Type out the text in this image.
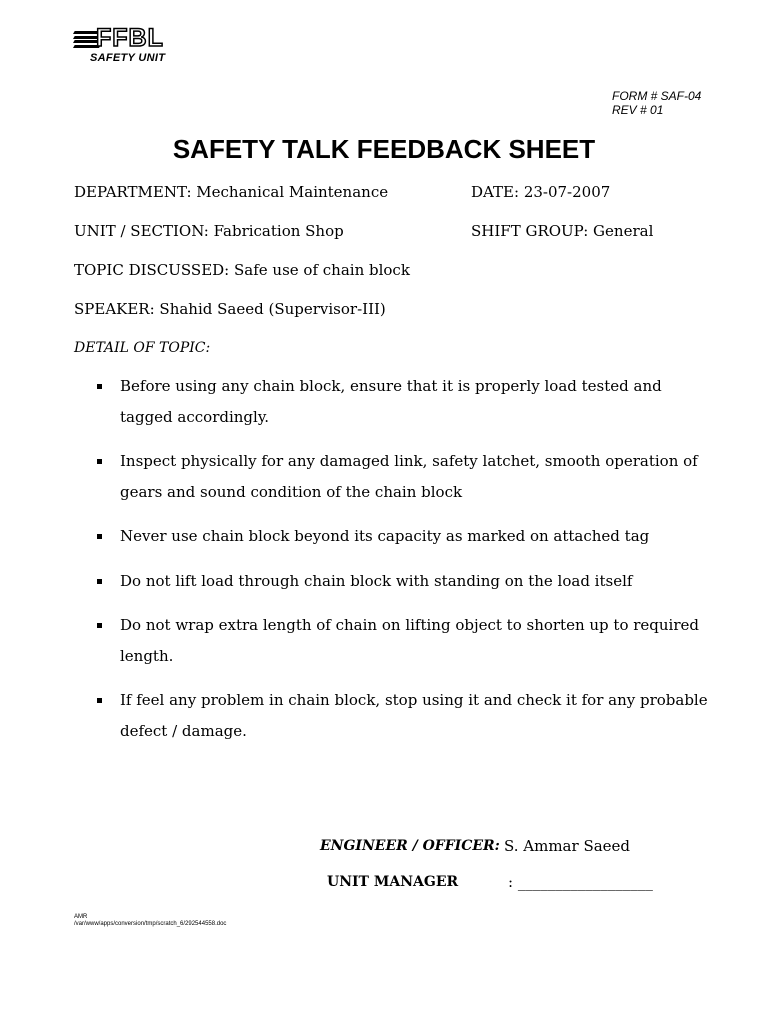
FFBL
SAFETY UNIT
FORM # SAF-04
REV # 01
SAFETY TALK FEEDBACK SHEET
DEPARTMENT: Mechanical Maintenance	DATE: 23-07-2007
UNIT / SECTION: Fabrication Shop	SHIFT GROUP: General
TOPIC DISCUSSED: Safe use of chain block
SPEAKER: Shahid Saeed (Supervisor-III)
DETAIL OF TOPIC:
Before using any chain block, ensure that it is properly load tested and tagged accordingly.
Inspect physically for any damaged link, safety latchet, smooth operation of gears and sound condition of the chain block
Never use chain block beyond its capacity as marked on attached tag
Do not lift load through chain block with standing on the load itself
Do not wrap extra length of chain on lifting object to shorten up to required length.
If feel any problem in chain block, stop using it and check it for any probable defect / damage.
ENGINEER / OFFICER: S. Ammar Saeed
UNIT MANAGER	: __________________
AMR
/var/www/apps/conversion/tmp/scratch_6/292544558.doc
